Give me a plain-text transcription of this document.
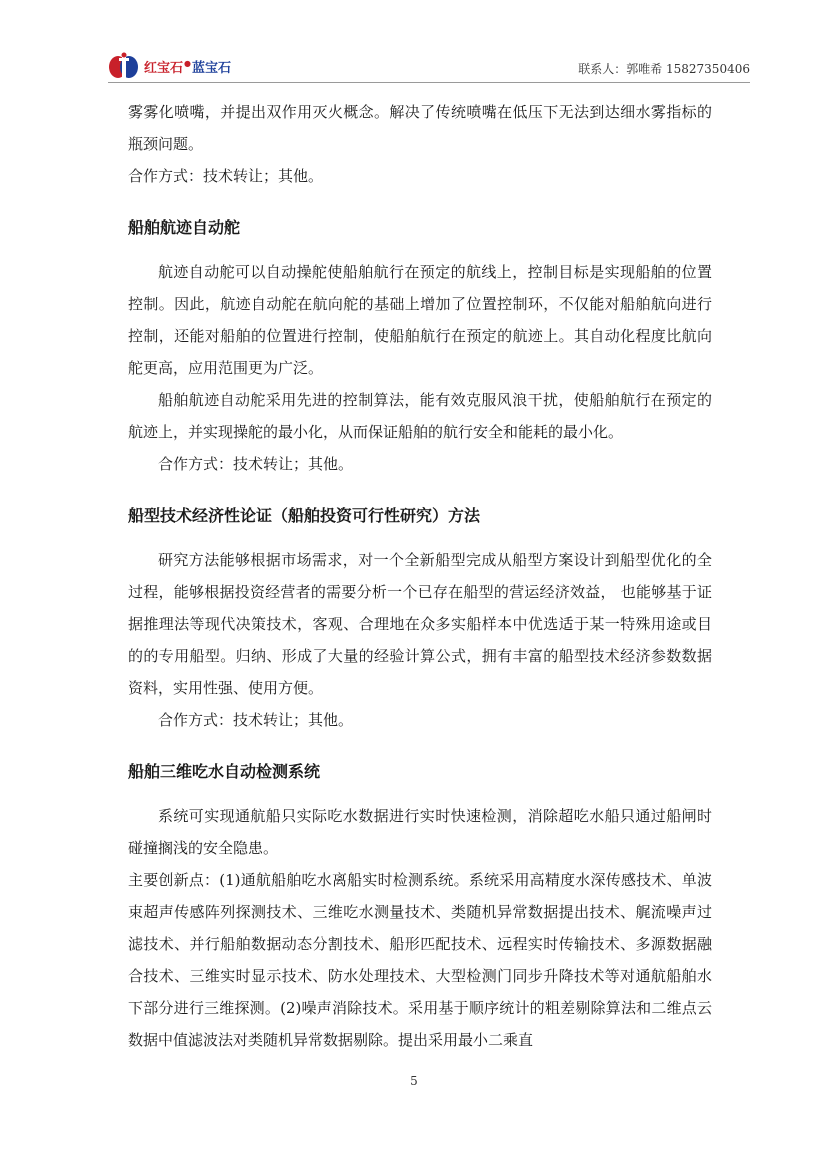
红宝石●蓝宝石	联系人：郭唯希 15827350406

雾雾化喷嘴，并提出双作用灭火概念。解决了传统喷嘴在低压下无法到达细水雾指标的瓶颈问题。

合作方式：技术转让；其他。

船舶航迹自动舵

航迹自动舵可以自动操舵使船舶航行在预定的航线上，控制目标是实现船舶的位置控制。因此，航迹自动舵在航向舵的基础上增加了位置控制环，不仅能对船舶航向进行控制，还能对船舶的位置进行控制，使船舶航行在预定的航迹上。其自动化程度比航向舵更高，应用范围更为广泛。

船舶航迹自动舵采用先进的控制算法，能有效克服风浪干扰，使船舶航行在预定的航迹上，并实现操舵的最小化，从而保证船舶的航行安全和能耗的最小化。

合作方式：技术转让；其他。

船型技术经济性论证（船舶投资可行性研究）方法

研究方法能够根据市场需求，对一个全新船型完成从船型方案设计到船型优化的全过程，能够根据投资经营者的需要分析一个已存在船型的营运经济效益， 也能够基于证据推理法等现代决策技术，客观、合理地在众多实船样本中优选适于某一特殊用途或目的的专用船型。归纳、形成了大量的经验计算公式，拥有丰富的船型技术经济参数数据资料，实用性强、使用方便。

合作方式：技术转让；其他。

船舶三维吃水自动检测系统

系统可实现通航船只实际吃水数据进行实时快速检测，消除超吃水船只通过船闸时碰撞搁浅的安全隐患。

主要创新点：(1)通航船舶吃水离船实时检测系统。系统采用高精度水深传感技术、单波束超声传感阵列探测技术、三维吃水测量技术、类随机异常数据提出技术、艉流噪声过滤技术、并行船舶数据动态分割技术、船形匹配技术、远程实时传输技术、多源数据融合技术、三维实时显示技术、防水处理技术、大型检测门同步升降技术等对通航船舶水下部分进行三维探测。(2)噪声消除技术。采用基于顺序统计的粗差剔除算法和二维点云数据中值滤波法对类随机异常数据剔除。提出采用最小二乘直

5
